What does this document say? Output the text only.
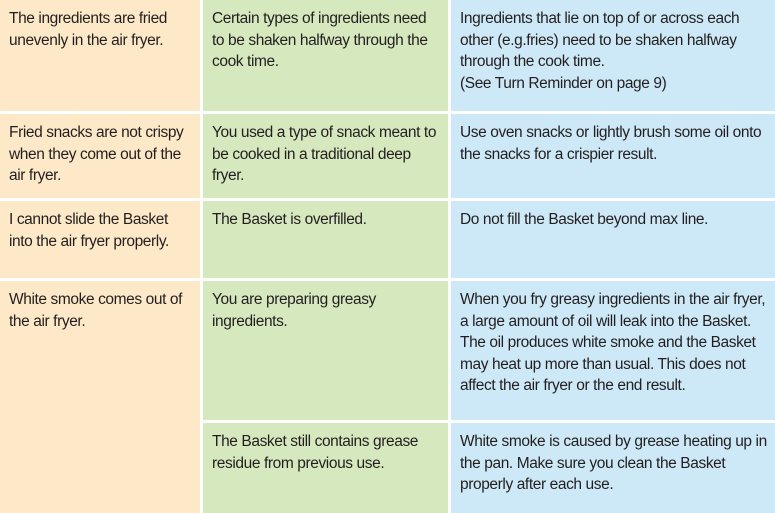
The ingredients are fried unevenly in the air fryer.
Certain types of ingredients need to be shaken halfway through the cook time.
Ingredients that lie on top of or across each other (e.g.fries) need to be shaken halfway through the cook time.
(See Turn Reminder on page 9)
Fried snacks are not crispy when they come out of the air fryer.
You used a type of snack meant to be cooked in a traditional deep fryer.
Use oven snacks or lightly brush some oil onto the snacks for a crispier result.
I cannot slide the Basket into the air fryer properly.
The Basket is overfilled.	Do not fill the Basket beyond max line.
White smoke comes out of the air fryer.
You are preparing greasy ingredients.
When you fry greasy ingredients in the air fryer, a large amount of oil will leak into the Basket. The oil produces white smoke and the Basket may heat up more than usual. This does not affect the air fryer or the end result.
The Basket still contains grease residue from previous use.
White smoke is caused by grease heating up in the pan. Make sure you clean the Basket properly after each use.
